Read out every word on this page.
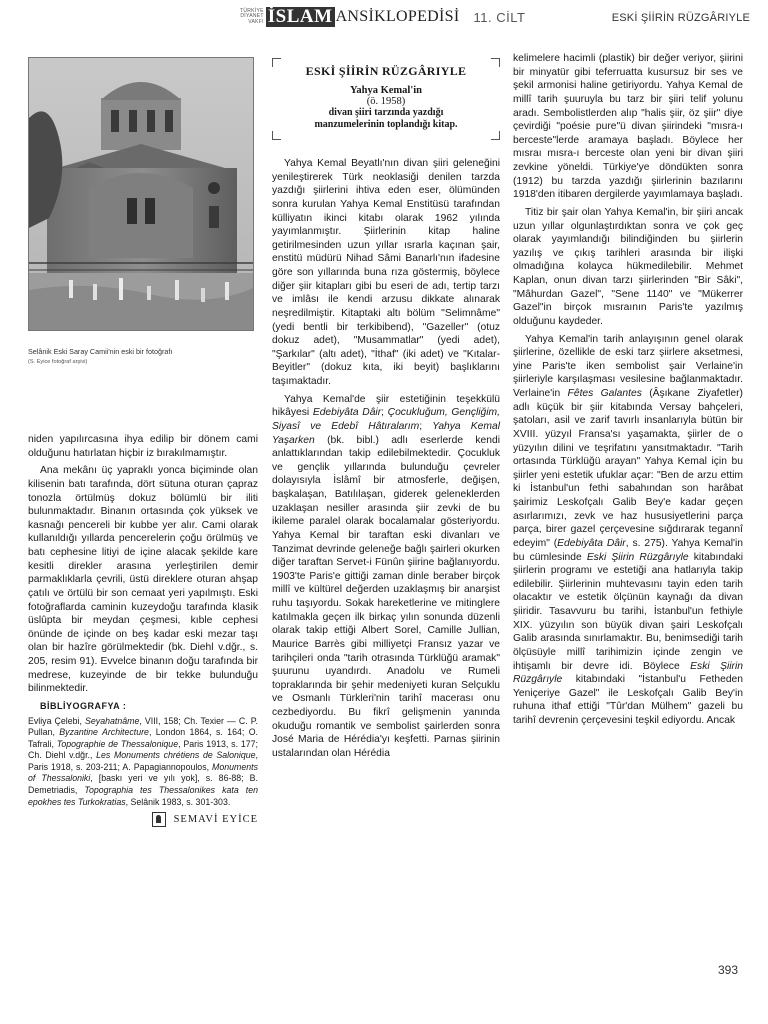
TÜRKİYE
DİYANET
VAKFI İSLAM ANSİKLOPEDİSİ 11. CİLT	ESKİ ŞİİRİN RÜZGÂRIYLE
Selânik Eski Saray Camii'nin eski bir fotoğrafı
(S. Eyice fotoğraf arşivi)

niden yapılırcasına ihya edilip bir dönem cami olduğunu hatırlatan hiçbir iz bırakılmamıştır.

Ana mekânı üç yapraklı yonca biçiminde olan kilisenin batı tarafında, dört sütuna oturan çapraz tonozla örtülmüş dokuz bölümlü bir iliti bulunmaktadır. Binanın ortasında çok yüksek ve kasnağı pencereli bir kubbe yer alır. Cami olarak kullanıldığı yıllarda pencerelerin çoğu örülmüş ve batı cephesine litiyi de içine alacak şekilde kare kesitli direkler arasına yerleştirilen demir parmaklıklarla çevrili, üstü direklere oturan ahşap çatılı ve örtülü bir son cemaat yeri yapılmıştı. Eski fotoğraflarda caminin kuzeydoğu tarafında klasik üslûpta bir meydan çeşmesi, kıble cephesi önünde de içinde on beş kadar eski mezar taşı olan bir hazîre görülmektedir (bk. Diehl v.dğr., s. 205, resim 91). Evvelce binanın doğu tarafında bir medrese, kuzeyinde de bir tekke bulunduğu bilinmektedir.

BİBLİYOGRAFYA :

Evliya Çelebi, Seyahatnâme, VIII, 158; Ch. Texier — C. P. Pullan, Byzantine Architecture, London 1864, s. 164; O. Tafrali, Topographie de Thessalonique, Paris 1913, s. 177; Ch. Diehl v.dğr., Les Monuments chrétiens de Salonique, Paris 1918, s. 203-211; A. Papagiannopoulos, Monuments of Thessaloniki, [baskı yeri ve yılı yok], s. 86-88; B. Demetriadis, Topographia tes Thessalonikes kata ten epokhes tes Turkokratias, Selânik 1983, s. 301-303.
SEMAVİ EYİCE
ESKİ ŞİİRİN RÜZGÂRIYLE
Yahya Kemal'in
(ö. 1958)
divan şiiri tarzında yazdığı
manzumelerinin toplandığı kitap.

Yahya Kemal Beyatlı'nın divan şiiri geleneğini yenileştirerek Türk neoklasiği denilen tarzda yazdığı şiirlerini ihtiva eden eser, ölümünden sonra kurulan Yahya Kemal Enstitüsü tarafından külliyatın ikinci kitabı olarak 1962 yılında yayımlanmıştır. Şiirlerinin kitap haline getirilmesinden uzun yıllar ısrarla kaçınan şair, enstitü müdürü Nihad Sâmi Banarlı'nın ifadesine göre son yıllarında buna rıza göstermiş, böylece diğer şiir kitapları gibi bu eseri de adı, tertip tarzı ve imlâsı ile kendi arzusu dikkate alınarak neşredilmiştir. Kitaptaki altı bölüm "Selimnâme" (yedi bentli bir terkibibend), "Gazeller" (otuz dokuz adet), "Musammatlar" (yedi adet), "Şarkılar" (altı adet), "İthaf" (iki adet) ve "Kıtalar-Beyitler" (dokuz kıta, iki beyit) başlıklarını taşımaktadır.

Yahya Kemal'de şiir estetiğinin teşekkülü hikâyesi Edebiyâta Dâir; Çocukluğum, Gençliğim, Siyasî ve Edebî Hâtıralarım; Yahya Kemal Yaşarken (bk. bibl.) adlı eserlerde kendi anlattıklarından takip edilebilmektedir. Çocukluk ve gençlik yıllarında bulunduğu çevreler dolayısıyla İslâmî bir atmosferle, değişen, başkalaşan, Batılılaşan, giderek geleneklerden uzaklaşan nesiller arasında şiir zevki de bu ikileme paralel olarak bocalamalar gösteriyordu. Yahya Kemal bir taraftan eski divanları ve Tanzimat devrinde geleneğe bağlı şairleri okurken diğer taraftan Servet-i Fünûn şiirine bağlanıyordu. 1903'te Paris'e gittiği zaman dinle beraber birçok millî ve kültürel değerden uzaklaşmış bir anarşist ruhu taşıyordu. Sokak hareketlerine ve mitinglere katılmakla geçen ilk birkaç yılın sonunda düzenli olarak takip ettiği Albert Sorel, Camille Jullian, Maurice Barrès gibi milliyetçi Fransız yazar ve tarihçileri onda "tarih otrasında Türklüğü aramak" şuurunu uyandırdı. Anadolu ve Rumeli topraklarında bir şehir medeniyeti kuran Selçuklu ve Osmanlı Türkleri'nin tarihî macerası onu cezbediyordu. Bu fikrî gelişmenin yanında okuduğu romantik ve sembolist şairlerden sonra José Maria de Hérédia'yı keşfetti. Parnas şiirinin ustalarından olan Hérédia

kelimelere hacimli (plastik) bir değer veriyor, şiirini bir minyatür gibi teferruatta kusursuz bir ses ve şekil armonisi haline getiriyordu. Yahya Kemal de millî tarih şuuruyla bu tarz bir şiiri telif yolunu aradı. Sembolistlerden alıp "halis şiir, öz şiir" diye çevirdiği "poésie pure"ü divan şiirindeki "mısra-ı berceste"lerde aramaya başladı. Böylece her mısraı mısra-ı berceste olan yeni bir divan şiiri zevkine yöneldi. Türkiye'ye döndükten sonra (1912) bu tarzda yazdığı şiirlerinin bazılarını 1918'den itibaren dergilerde yayımlamaya başladı.

Titiz bir şair olan Yahya Kemal'in, bir şiiri ancak uzun yıllar olgunlaştırdıktan sonra ve çok geç olarak yayımlandığı bilindiğinden bu şiirlerin yazılış ve çıkış tarihleri arasında bir ilişki olmadığına kolayca hükmedilebilir. Mehmet Kaplan, onun divan tarzı şiirlerinden "Bir Sâki", "Mâhurdan Gazel", "Sene 1140" ve "Mükerrer Gazel"in birçok mısraının Paris'te yazılmış olduğunu kaydeder.

Yahya Kemal'in tarih anlayışının genel olarak şiirlerine, özellikle de eski tarz şiirlere aksetmesi, yine Paris'te iken sembolist şair Verlaine'in şiirleriyle karşılaşması vesilesine bağlanmaktadır. Verlaine'in Fêtes Galantes (Âşıkane Ziyafetler) adlı küçük bir şiir kitabında Versay bahçeleri, şatoları, asil ve zarif tavırlı insanlarıyla bütün bir XVIII. yüzyıl Fransa'sı yaşamakta, şiirler de o yüzyılın dilini ve teşrifatını yansıtmaktadır. "Tarih ortasında Türklüğü arayan" Yahya Kemal için bu şiirler yeni estetik ufuklar açar: "Ben de arzu ettim ki İstanbul'un fethi sabahından son harâbat şairimiz Leskofçalı Galib Bey'e kadar geçen asırlarımızı, zevk ve haz hususiyetlerini parça parça, birer gazel çerçevesine sığdırarak tegannî edeyim" (Edebiyâta Dâir, s. 275). Yahya Kemal'in bu cümlesinde Eski Şiirin Rüzgârıyle kitabındaki şiirlerin programı ve estetiği ana hatlarıyla takip edilebilir. Şiirlerinin muhtevasını tayin eden tarih olacaktır ve estetik ölçünün kaynağı da divan şiiridir. Tasavvuru bu tarihi, İstanbul'un fethiyle XIX. yüzyılın son büyük divan şairi Leskofçalı Galib arasında sınırlamaktır. Bu, benimsediği tarih ölçüsüyle millî tarihimizin içinde zengin ve ihtişamlı bir devre idi. Böylece Eski Şiirin Rüzgârıyle kitabındaki "İstanbul'u Fetheden Yeniçeriye Gazel" ile Leskofçalı Galib Bey'in ruhuna ithaf ettiği "Tûr'dan Mülhem" gazeli bu tarihî devrenin çerçevesini teşkil ediyordu. Ancak

393
